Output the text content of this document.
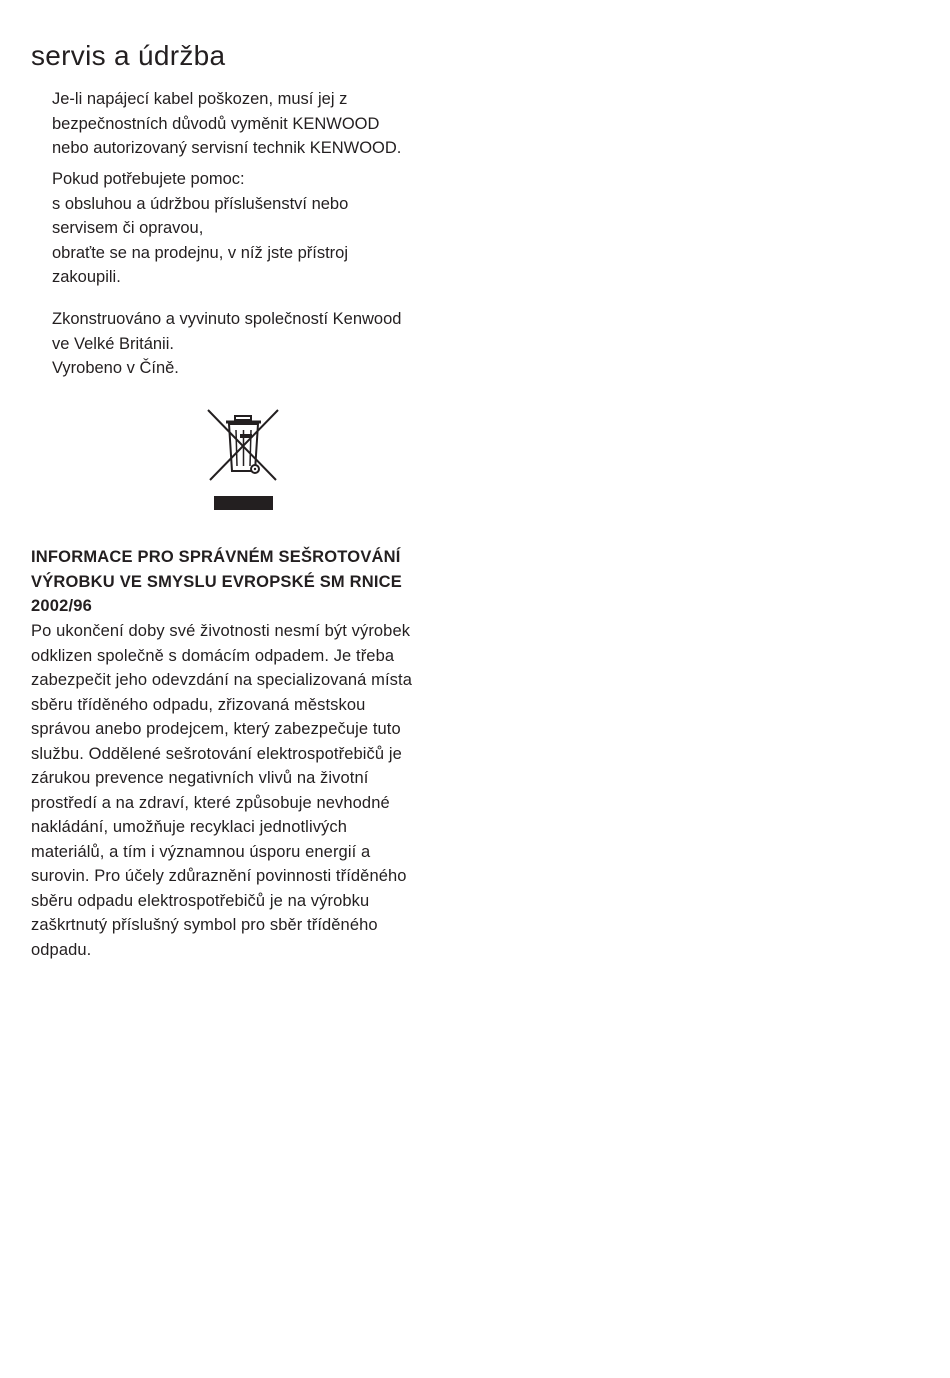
servis a údržba

Je-li napájecí kabel poškozen, musí jej z
bezpečnostních důvodů vyměnit KENWOOD
nebo autorizovaný servisní technik KENWOOD.

Pokud potřebujete pomoc:
s obsluhou a údržbou příslušenství nebo
servisem či opravou,
obraťte se na prodejnu, v níž jste přístroj
zakoupili.

Zkonstruováno a vyvinuto společností Kenwood
ve Velké Británii.
Vyrobeno v Číně.

INFORMACE PRO SPRÁVNÉM SEŠROTOVÁNÍ
VÝROBKU VE SMYSLU EVROPSKÉ SM RNICE
2002/96

Po ukončení doby své životnosti nesmí být výrobek
odklizen společně s domácím odpadem. Je třeba
zabezpečit jeho odevzdání na specializovaná místa
sběru tříděného odpadu, zřizovaná městskou
správou anebo prodejcem, který zabezpečuje tuto
službu. Oddělené sešrotování elektrospotřebičů je
zárukou prevence negativních vlivů na životní
prostředí a na zdraví, které způsobuje nevhodné
nakládání, umožňuje recyklaci jednotlivých
materiálů, a tím i významnou úsporu energií a
surovin. Pro účely zdůraznění povinnosti tříděného
sběru odpadu elektrospotřebičů je na výrobku
zaškrtnutý příslušný symbol pro sběr tříděného
odpadu.
